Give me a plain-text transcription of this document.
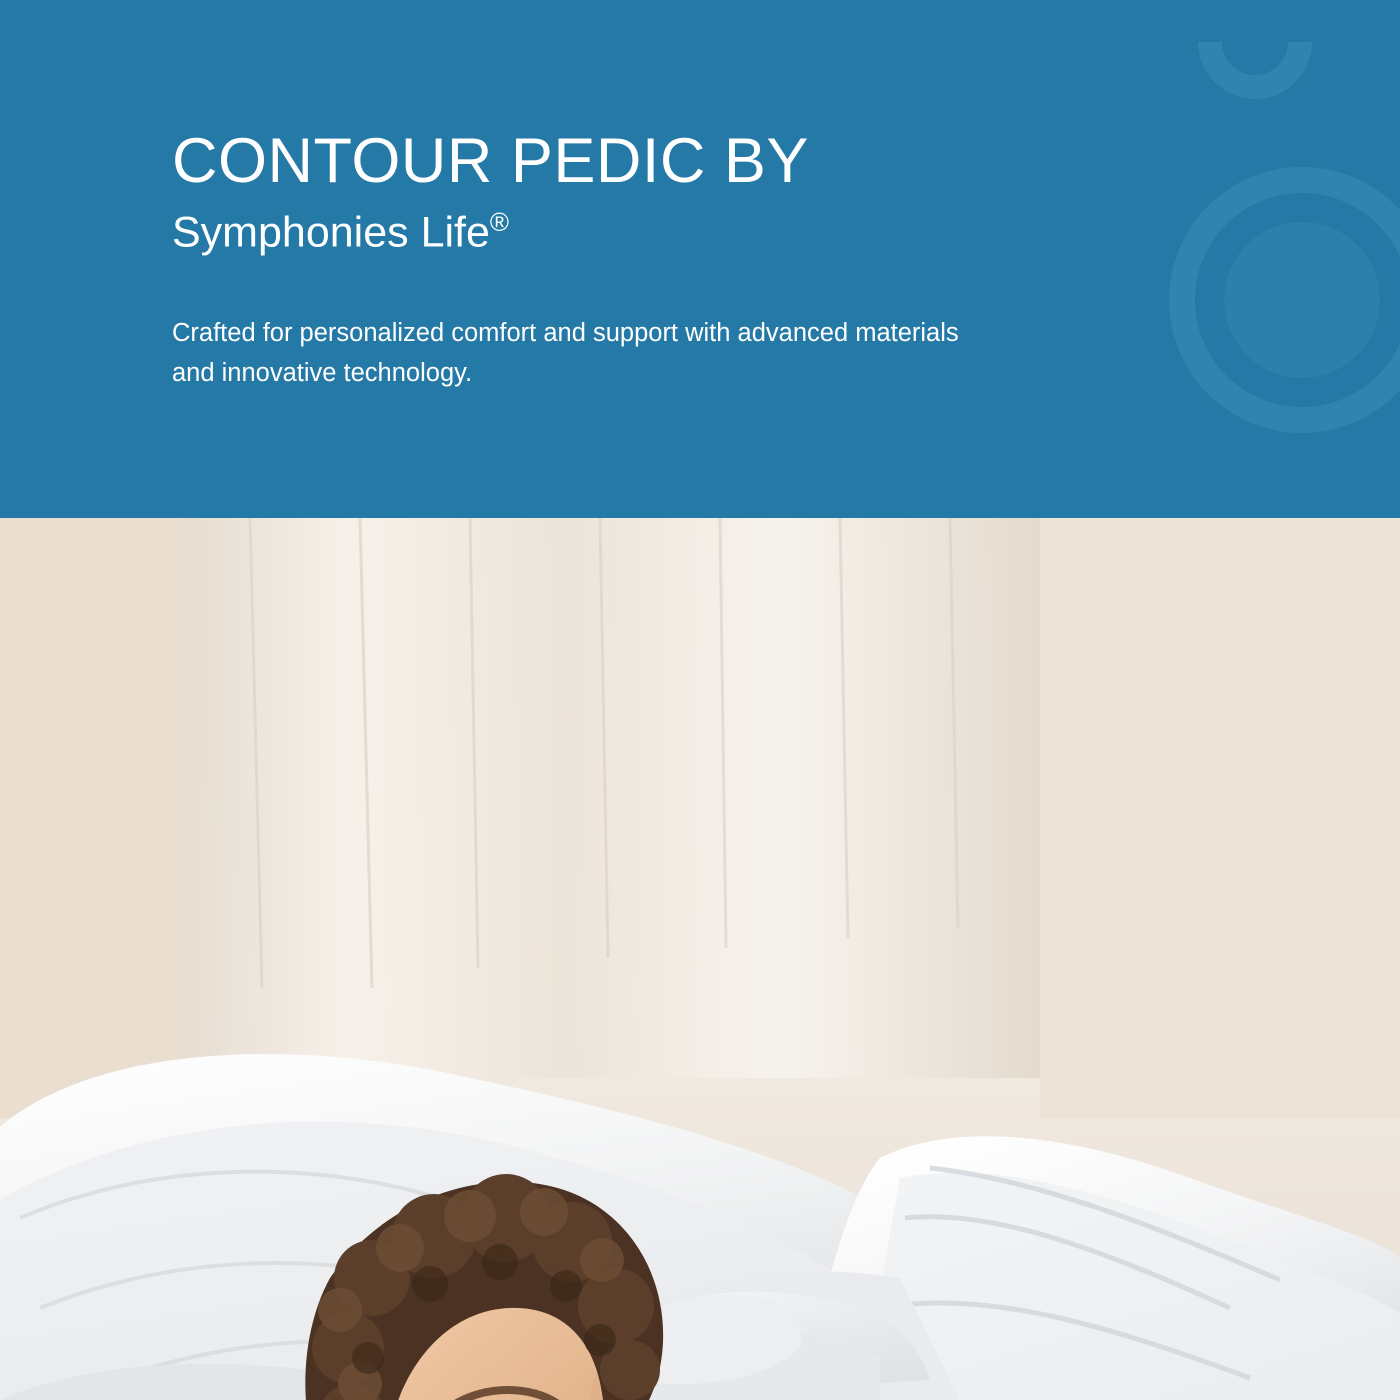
CONTOUR PEDIC BY
Symphonies Life®
Crafted for personalized comfort and support with advanced materials and innovative technology.
